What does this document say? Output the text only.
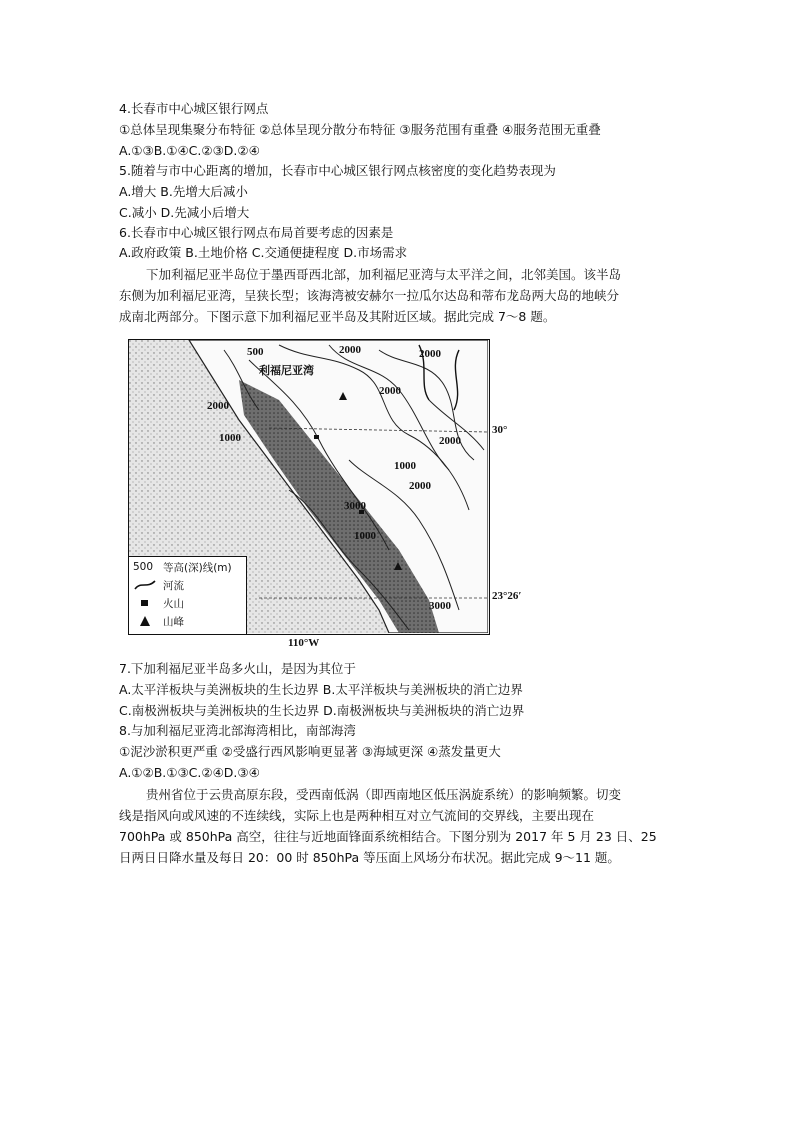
4.长春市中心城区银行网点
①总体呈现集聚分布特征 ②总体呈现分散分布特征 ③服务范围有重叠 ④服务范围无重叠
A.①③B.①④C.②③D.②④
5.随着与市中心距离的增加，长春市中心城区银行网点核密度的变化趋势表现为
A.增大 B.先增大后减小
C.减小 D.先减小后增大
6.长春市中心城区银行网点布局首要考虑的因素是
A.政府政策 B.土地价格 C.交通便捷程度 D.市场需求
下加利福尼亚半岛位于墨西哥西北部，加利福尼亚湾与太平洋之间，北邻美国。该半岛
东侧为加利福尼亚湾，呈狭长型；该海湾被安赫尔一拉瓜尔达岛和蒂布龙岛两大岛的地峡分
成南北两部分。下图示意下加利福尼亚半岛及其附近区域。据此完成 7～8 题。
500	2000	2000
2000
1000
3000
2000
1000
2000
2000
3000
1000
利福尼亚湾
500 等高(深)线(m)
河流
火山
山峰
30°
23°26′
110°W
7.下加利福尼亚半岛多火山，是因为其位于
A.太平洋板块与美洲板块的生长边界 B.太平洋板块与美洲板块的消亡边界
C.南极洲板块与美洲板块的生长边界 D.南极洲板块与美洲板块的消亡边界
8.与加利福尼亚湾北部海湾相比，南部海湾
①泥沙淤积更严重 ②受盛行西风影响更显著 ③海域更深 ④蒸发量更大
A.①②B.①③C.②④D.③④
贵州省位于云贵高原东段，受西南低涡（即西南地区低压涡旋系统）的影响频繁。切变
线是指风向或风速的不连续线，实际上也是两种相互对立气流间的交界线，主要出现在
700hPa 或 850hPa 高空，往往与近地面锋面系统相结合。下图分别为 2017 年 5 月 23 日、25
日两日日降水量及每日 20：00 时 850hPa 等压面上风场分布状况。据此完成 9～11 题。
